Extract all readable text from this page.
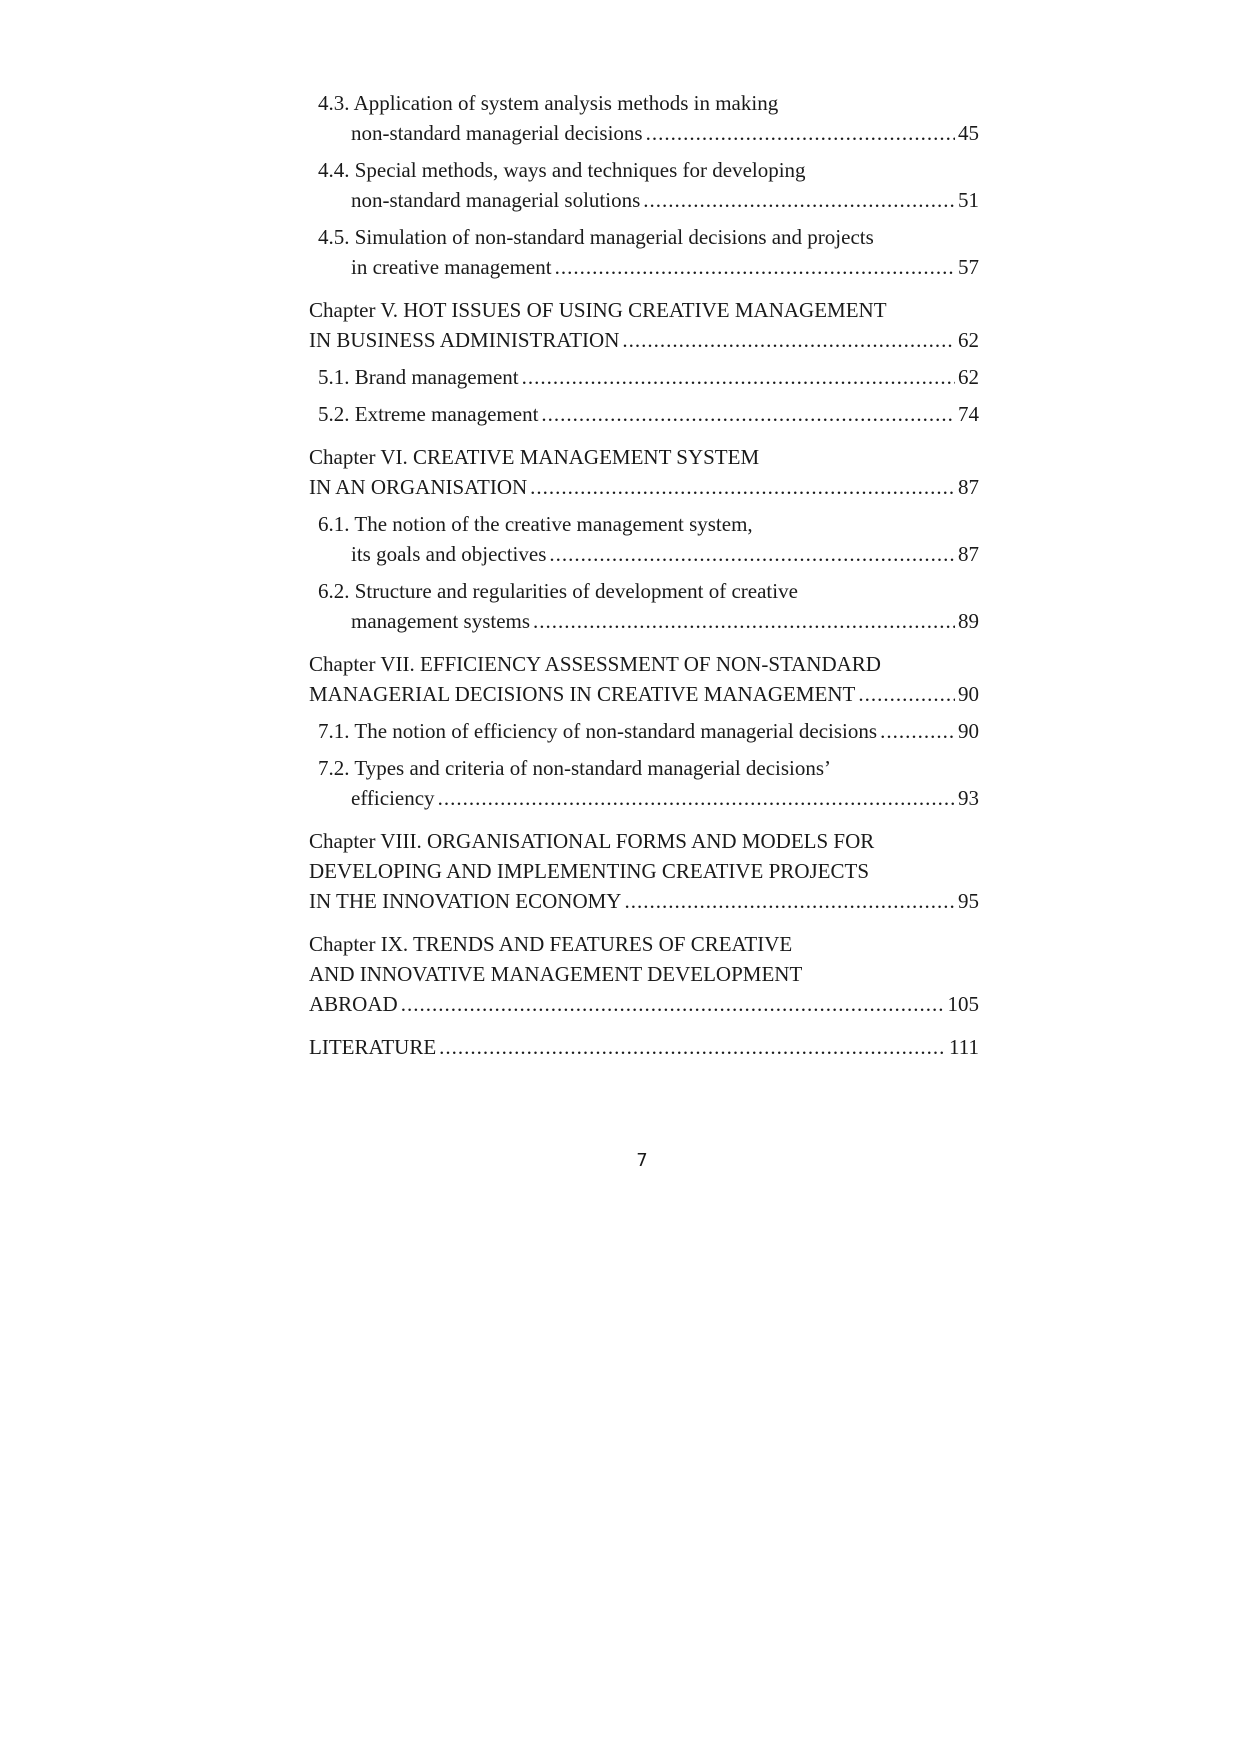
4.3. Application of system analysis methods in making
non-standard managerial decisions .....	45
4.4. Special methods, ways and techniques for developing
non-standard managerial solutions .....	51
4.5. Simulation of non-standard managerial decisions and projects
in creative management .....	57
Chapter V. HOT ISSUES OF USING CREATIVE MANAGEMENT
IN BUSINESS ADMINISTRATION .....	62
5.1. Brand management .....	62
5.2. Extreme management .....	74
Chapter VI. CREATIVE MANAGEMENT SYSTEM
IN AN ORGANISATION .....	87
6.1. The notion of the creative management system,
its goals and objectives .....	87
6.2. Structure and regularities of development of creative
management systems .....	89
Chapter VII. EFFICIENCY ASSESSMENT OF NON-STANDARD
MANAGERIAL DECISIONS IN CREATIVE MANAGEMENT .....	90
7.1. The notion of efficiency of non-standard managerial decisions .....	90
7.2. Types and criteria of non-standard managerial decisions’
efficiency .....	93
Chapter VIII. ORGANISATIONAL FORMS AND MODELS FOR
DEVELOPING AND IMPLEMENTING CREATIVE PROJECTS
IN THE INNOVATION ECONOMY .....	95
Chapter IX. TRENDS AND FEATURES OF CREATIVE
AND INNOVATIVE MANAGEMENT DEVELOPMENT
ABROAD .....	105
LITERATURE .....	111
7
